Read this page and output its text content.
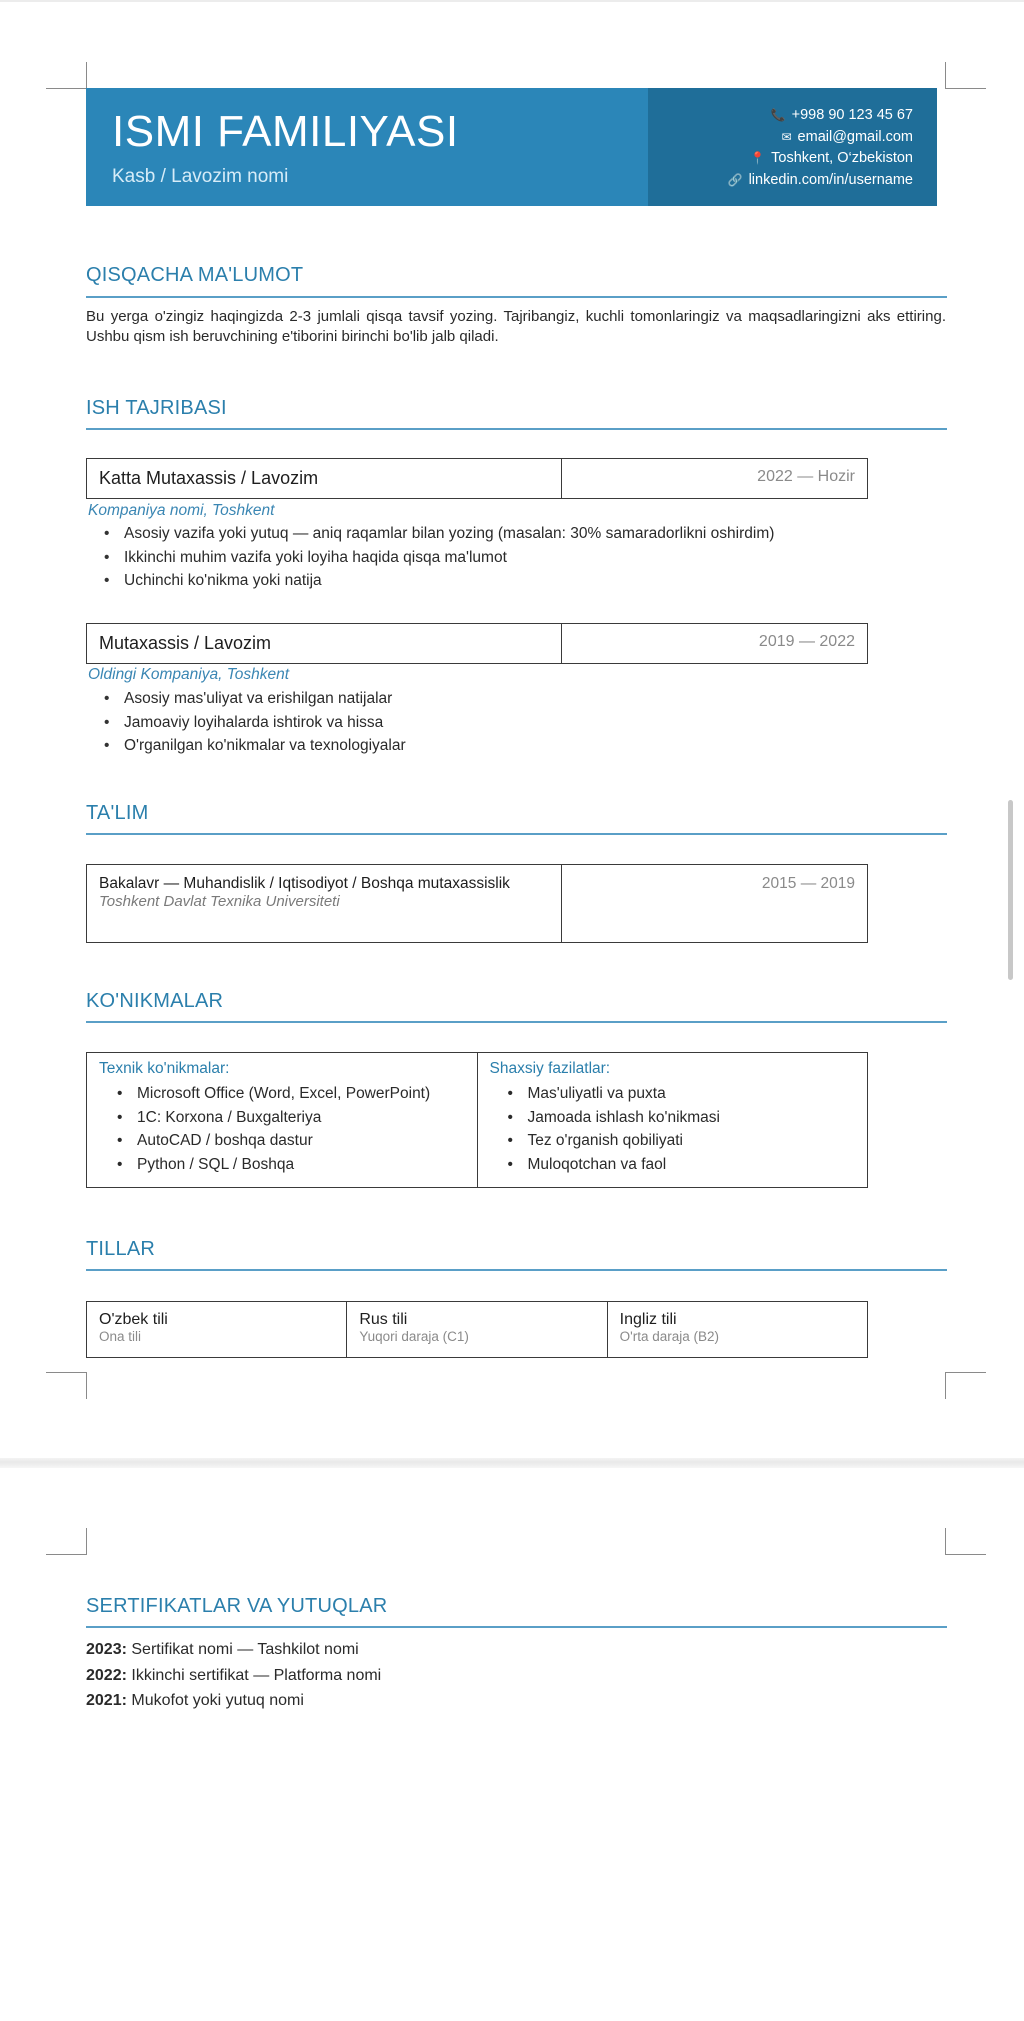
ISMI FAMILIYASI
Kasb / Lavozim nomi
📞 +998 90 123 45 67
✉ email@gmail.com
📍 Toshkent, O‘zbekiston
🔗 linkedin.com/in/username
QISQACHA MA'LUMOT
Bu yerga o'zingiz haqingizda 2-3 jumlali qisqa tavsif yozing. Tajribangiz, kuchli tomonlaringiz va maqsadlaringizni aks ettiring. Ushbu qism ish beruvchining e'tiborini birinchi bo'lib jalb qiladi.
ISH TAJRIBASI
Katta Mutaxassis / Lavozim	2022 — Hozir
Kompaniya nomi, Toshkent
• Asosiy vazifa yoki yutuq — aniq raqamlar bilan yozing (masalan: 30% samaradorlikni oshirdim)
• Ikkinchi muhim vazifa yoki loyiha haqida qisqa ma'lumot
• Uchinchi ko'nikma yoki natija
Mutaxassis / Lavozim	2019 — 2022
Oldingi Kompaniya, Toshkent
• Asosiy mas'uliyat va erishilgan natijalar
• Jamoaviy loyihalarda ishtirok va hissa
• O'rganilgan ko'nikmalar va texnologiyalar
TA'LIM
Bakalavr — Muhandislik / Iqtisodiyot / Boshqa mutaxassislik
Toshkent Davlat Texnika Universiteti
2015 — 2019
KO'NIKMALAR
Texnik ko'nikmalar:
• Microsoft Office (Word, Excel, PowerPoint)
• 1C: Korxona / Buxgalteriya
• AutoCAD / boshqa dastur
• Python / SQL / Boshqa
Shaxsiy fazilatlar:
• Mas'uliyatli va puxta
• Jamoada ishlash ko'nikmasi
• Tez o'rganish qobiliyati
• Muloqotchan va faol
TILLAR
O'zbek tili
Ona tili
Rus tili
Yuqori daraja (C1)
Ingliz tili
O'rta daraja (B2)
SERTIFIKATLAR VA YUTUQLAR
2023: Sertifikat nomi — Tashkilot nomi
2022: Ikkinchi sertifikat — Platforma nomi
2021: Mukofot yoki yutuq nomi
